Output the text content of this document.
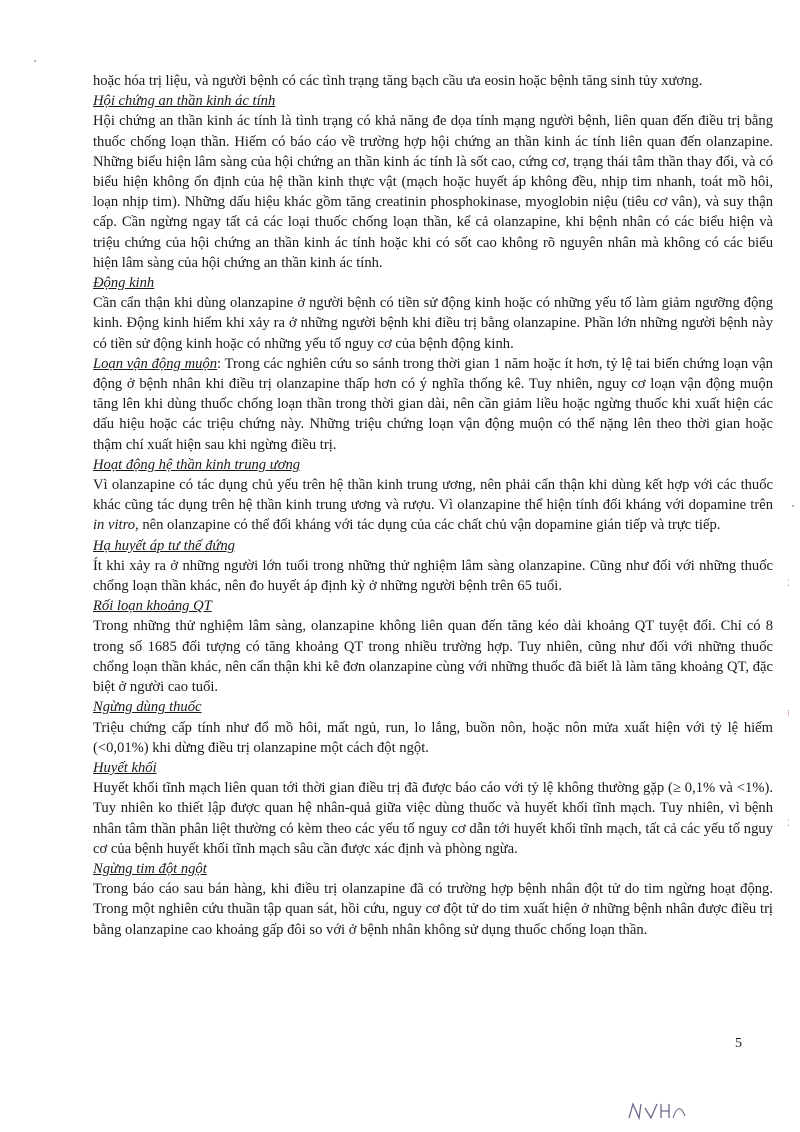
hoặc hóa trị liệu, và người bệnh có các tình trạng tăng bạch cầu ưa eosin hoặc bệnh tăng sinh tủy xương.

Hội chứng an thần kinh ác tính

Hội chứng an thần kinh ác tính là tình trạng có khả năng đe dọa tính mạng người bệnh, liên quan đến điều trị bằng thuốc chống loạn thần. Hiếm có báo cáo về trường hợp hội chứng an thần kinh ác tính liên quan đến olanzapine. Những biểu hiện lâm sàng của hội chứng an thần kinh ác tính là sốt cao, cứng cơ, trạng thái tâm thần thay đổi, và có biểu hiện không ổn định của hệ thần kinh thực vật (mạch hoặc huyết áp không đều, nhịp tim nhanh, toát mồ hôi, loạn nhịp tim). Những dấu hiệu khác gồm tăng creatinin phosphokinase, myoglobin niệu (tiêu cơ vân), và suy thận cấp. Cần ngừng ngay tất cả các loại thuốc chống loạn thần, kể cả olanzapine, khi bệnh nhân có các biểu hiện và triệu chứng của hội chứng an thần kinh ác tính hoặc khi có sốt cao không rõ nguyên nhân mà không có các biểu hiện lâm sàng của hội chứng an thần kinh ác tính.

Động kinh

Cần cẩn thận khi dùng olanzapine ở người bệnh có tiền sử động kinh hoặc có những yếu tố làm giảm ngưỡng động kinh. Động kinh hiếm khi xảy ra ở những người bệnh khi điều trị bằng olanzapine. Phần lớn những người bệnh này có tiền sử động kinh hoặc có những yếu tố nguy cơ của bệnh động kinh.

Loạn vận động muộn: Trong các nghiên cứu so sánh trong thời gian 1 năm hoặc ít hơn, tỷ lệ tai biến chứng loạn vận động ở bệnh nhân khi điều trị olanzapine thấp hơn có ý nghĩa thống kê. Tuy nhiên, nguy cơ loạn vận động muộn tăng lên khi dùng thuốc chống loạn thần trong thời gian dài, nên cần giảm liều hoặc ngừng thuốc khi xuất hiện các dấu hiệu hoặc các triệu chứng này. Những triệu chứng loạn vận động muộn có thể nặng lên theo thời gian hoặc thậm chí xuất hiện sau khi ngừng điều trị.

Hoạt động hệ thần kinh trung ương

Vì olanzapine có tác dụng chủ yếu trên hệ thần kinh trung ương, nên phải cẩn thận khi dùng kết hợp với các thuốc khác cũng tác dụng trên hệ thần kinh trung ương và rượu. Vì olanzapine thể hiện tính đối kháng với dopamine trên in vitro, nên olanzapine có thể đối kháng với tác dụng của các chất chủ vận dopamine gián tiếp và trực tiếp.

Hạ huyết áp tư thế đứng

Ít khi xảy ra ở những người lớn tuổi trong những thử nghiệm lâm sàng olanzapine. Cũng như đối với những thuốc chống loạn thần khác, nên đo huyết áp định kỳ ở những người bệnh trên 65 tuổi.

Rối loạn khoảng QT

Trong những thử nghiệm lâm sàng, olanzapine không liên quan đến tăng kéo dài khoảng QT tuyệt đối. Chỉ có 8 trong số 1685 đối tượng có tăng khoảng QT trong nhiều trường hợp. Tuy nhiên, cũng như đối với những thuốc chống loạn thần khác, nên cẩn thận khi kê đơn olanzapine cùng với những thuốc đã biết là làm tăng khoảng QT, đặc biệt ở người cao tuổi.

Ngừng dùng thuốc

Triệu chứng cấp tính như đổ mồ hôi, mất ngủ, run, lo lắng, buồn nôn, hoặc nôn mửa xuất hiện với tỷ lệ hiếm (<0,01%) khi dừng điều trị olanzapine một cách đột ngột.

Huyết khối

Huyết khối tĩnh mạch liên quan tới thời gian điều trị đã được báo cáo với tỷ lệ không thường gặp (≥ 0,1% và <1%). Tuy nhiên ko thiết lập được quan hệ nhân-quả giữa việc dùng thuốc và huyết khối tĩnh mạch. Tuy nhiên, vì bệnh nhân tâm thần phân liệt thường có kèm theo các yếu tố nguy cơ dẫn tới huyết khối tĩnh mạch, tất cả các yếu tố nguy cơ của bệnh huyết khối tĩnh mạch sâu cần được xác định và phòng ngừa.

Ngừng tim đột ngột

Trong báo cáo sau bán hàng, khi điều trị olanzapine đã có trường hợp bệnh nhân đột tử do tim ngừng hoạt động. Trong một nghiên cứu thuần tập quan sát, hồi cứu, nguy cơ đột tử do tim xuất hiện ở những bệnh nhân được điều trị bằng olanzapine cao khoảng gấp đôi so với ở bệnh nhân không sử dụng thuốc chống loạn thần.

5
⁚
⁝
⁚
